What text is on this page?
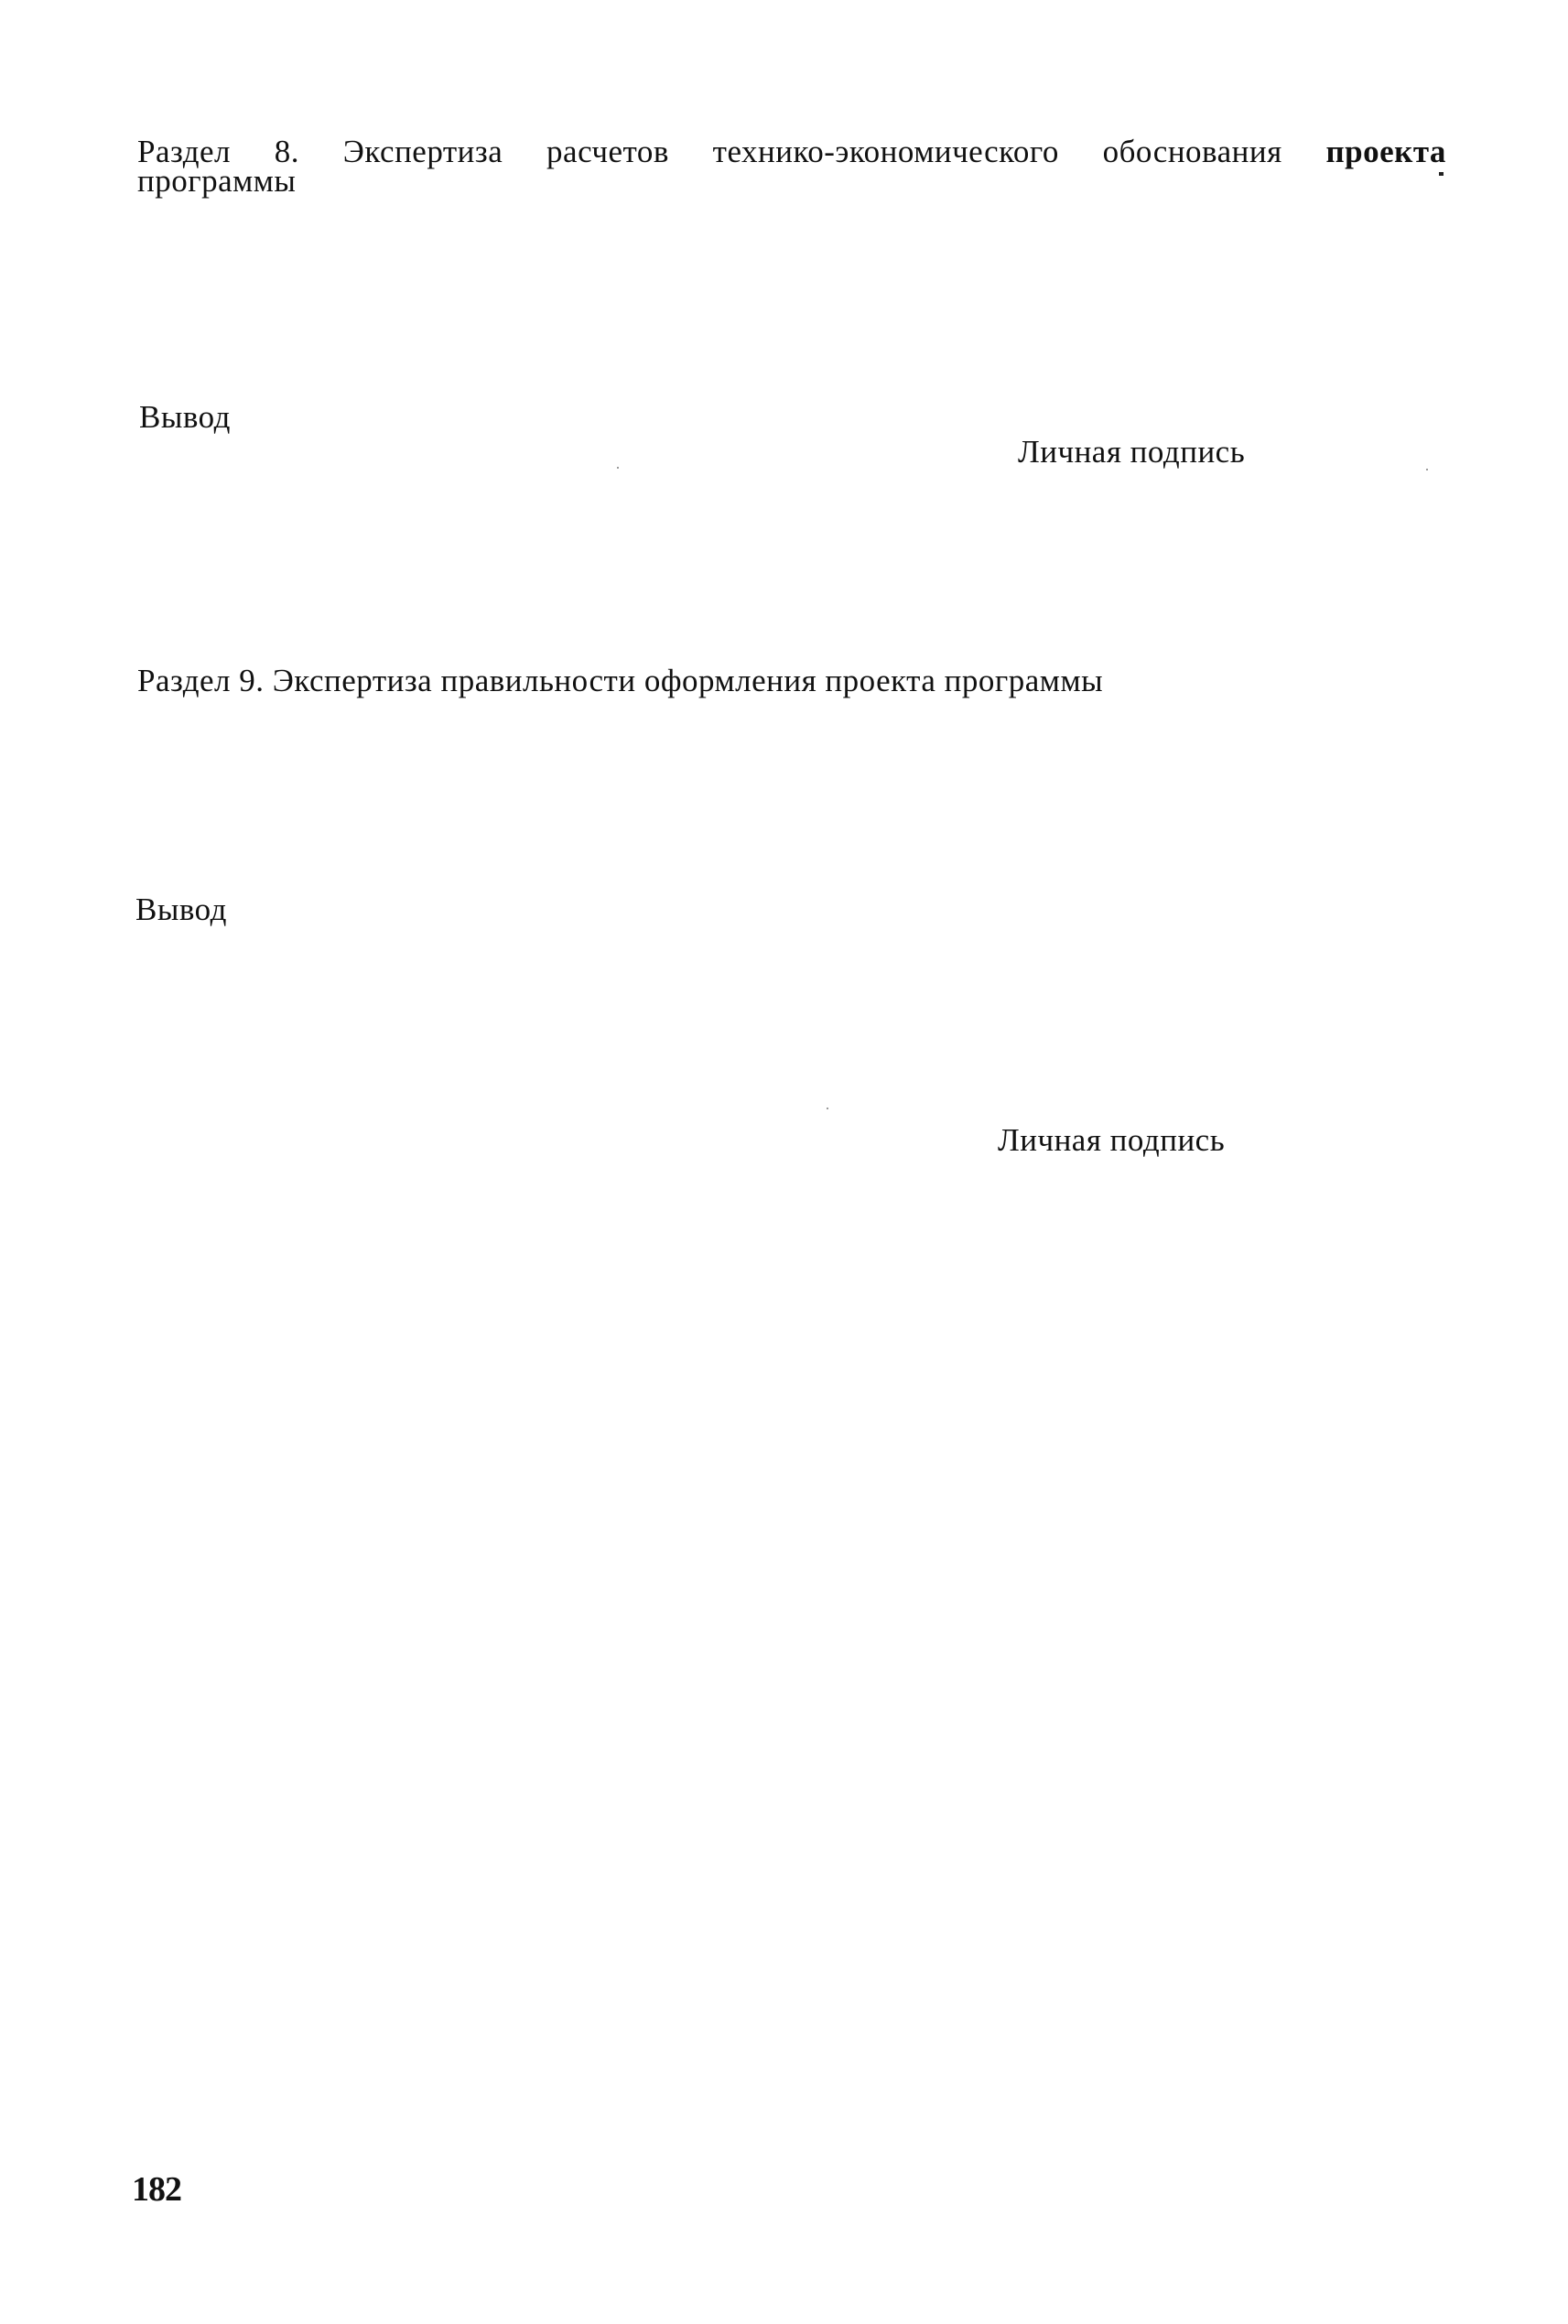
Раздел 8. Экспертиза расчетов технико-экономического обоснования проекта
программы
Вывод
Личная подпись
Раздел 9. Экспертиза правильности оформления проекта программы
Вывод
Личная подпись
182
